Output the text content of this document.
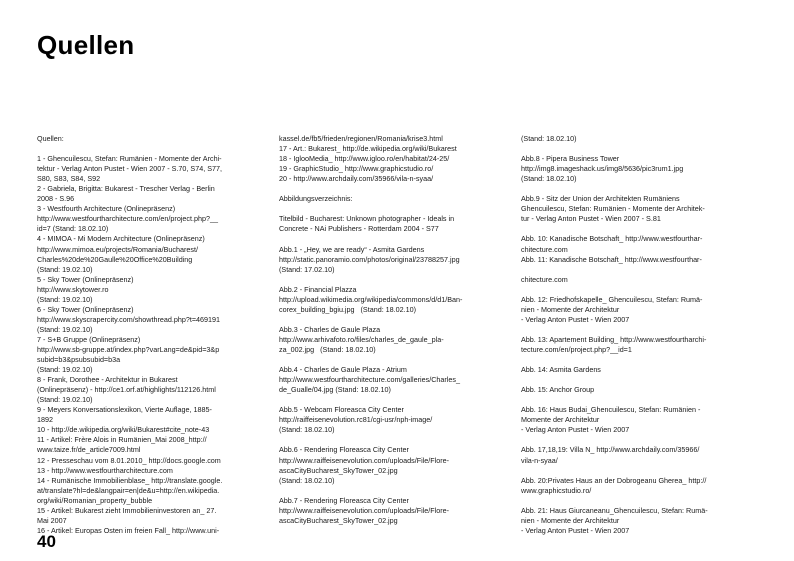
Quellen
Quellen:
1 - Ghencuilescu, Stefan: Rumänien - Momente der Archi-
tektur - Verlag Anton Pustet - Wien 2007 - S.70, S74, S77,
S80, S83, S84, S92
2 - Gabriela, Brigitta: Bukarest - Trescher Verlag - Berlin
2008 - S.96
3 - Westfourth Architecture (Onlinepräsenz)
http://www.westfourtharchitecture.com/en/project.php?__
id=7 (Stand: 18.02.10)
4 - MIMOA - Mi Modern Architecture (Onlinepräsenz)
http://www.mimoa.eu/projects/Romania/Bucharest/
Charles%20de%20Gaulle%20Office%20Building
(Stand: 19.02.10)
5 - Sky Tower (Onlinepräsenz)
http://www.skytower.ro
(Stand: 19.02.10)
6 - Sky Tower (Onlinepräsenz)
http://www.skyscrapercity.com/showthread.php?t=469191
(Stand: 19.02.10)
7 - S+B Gruppe (Onlinepräsenz)
http://www.sb-gruppe.at/index.php?varLang=de&pid=3&p
subid=b3&psubsubid=b3a
(Stand: 19.02.10)
8 - Frank, Dorothee - Architektur in Bukarest
(Onlinepräsenz) - http://ce1.orf.at/highlights/112126.html
(Stand: 19.02.10)
9 - Meyers Konversationslexikon, Vierte Auflage, 1885-
1892
10 - http://de.wikipedia.org/wiki/Bukarest#cite_note-43
11 - Artikel: Frère Alois in Rumänien_Mai 2008_http://
www.taize.fr/de_article7009.html
12 - Presseschau vom 8.01.2010_ http://docs.google.com
13 - http://www.westfourtharchitecture.com
14 - Rumänische Immobilienblase_ http://translate.google.
at/translate?hl=de&langpair=en|de&u=http://en.wikipedia.
org/wiki/Romanian_property_bubble
15 - Artikel: Bukarest zieht Immobilieninvestoren an_ 27.
Mai 2007
16 - Artikel: Europas Osten im freien Fall_ http://www.uni-
kassel.de/fb5/frieden/regionen/Romania/krise3.html
17 - Art.: Bukarest_ http://de.wikipedia.org/wiki/Bukarest
18 - IglooMedia_ http://www.igloo.ro/en/habitat/24-25/
19 - GraphicStudio_ http://www.graphicstudio.ro/
20 - http://www.archdaily.com/35966/vila-n-syaa/
Abbildungsverzeichnis:
Titelbild - Bucharest: Unknown photographer - Ideals in
Concrete - NAi Publishers - Rotterdam 2004 - S77
Abb.1 - „Hey, we are ready“ - Asmita Gardens
http://static.panoramio.com/photos/original/23788257.jpg
(Stand: 17.02.10)
Abb.2 - Financial Plazza
http://upload.wikimedia.org/wikipedia/commons/d/d1/Ban-
corex_building_bgiu.jpg   (Stand: 18.02.10)
Abb.3 - Charles de Gaule Plaza
http://www.arhivafoto.ro/files/charles_de_gaule_pla-
za_002.jpg   (Stand: 18.02.10)
Abb.4 - Charles de Gaule Plaza - Atrium
http://www.westfourtharchitecture.com/galleries/Charles_
de_Gualle/04.jpg (Stand: 18.02.10)
Abb.5 - Webcam Floreasca City Center
http://raiffeisenevolution.rc81/cgi-usr/nph-image/
(Stand: 18.02.10)
Abb.6 - Rendering Floreasca City Center
http://www.raiffeisenevolution.com/uploads/File/Flore-
ascaCityBucharest_SkyTower_02.jpg
(Stand: 18.02.10)
Abb.7 - Rendering Floreasca City Center
http://www.raiffeisenevolution.com/uploads/File/Flore-
ascaCityBucharest_SkyTower_02.jpg
(Stand: 18.02.10)
Abb.8 - Pipera Business Tower
http://img8.imageshack.us/img8/5636/pic3rum1.jpg
(Stand: 18.02.10)
Abb.9 - Sitz der Union der Architekten Rumäniens
Ghencuilescu, Stefan: Rumänien - Momente der Architek-
tur - Verlag Anton Pustet - Wien 2007 - S.81
Abb. 10: Kanadische Botschaft_ http://www.westfourthar-
chitecture.com
Abb. 11: Kanadische Botschaft_ http://www.westfourthar-
chitecture.com
Abb. 12: Friedhofskapelle_ Ghencuilescu, Stefan: Rumä-
nien - Momente der Architektur
- Verlag Anton Pustet - Wien 2007
Abb. 13: Apartement Building_ http://www.westfourtharchi-
tecture.com/en/project.php?__id=1
Abb. 14: Asmita Gardens
Abb. 15: Anchor Group
Abb. 16: Haus Budai_Ghencuilescu, Stefan: Rumänien -
Momente der Architektur
- Verlag Anton Pustet - Wien 2007
Abb. 17,18,19: Villa N_ http://www.archdaily.com/35966/
vila-n-syaa/
Abb. 20:Privates Haus an der Dobrogeanu Gherea_ http://
www.graphicstudio.ro/
Abb. 21: Haus Giurcaneanu_Ghencuilescu, Stefan: Rumä-
nien - Momente der Architektur
- Verlag Anton Pustet - Wien 2007
40
